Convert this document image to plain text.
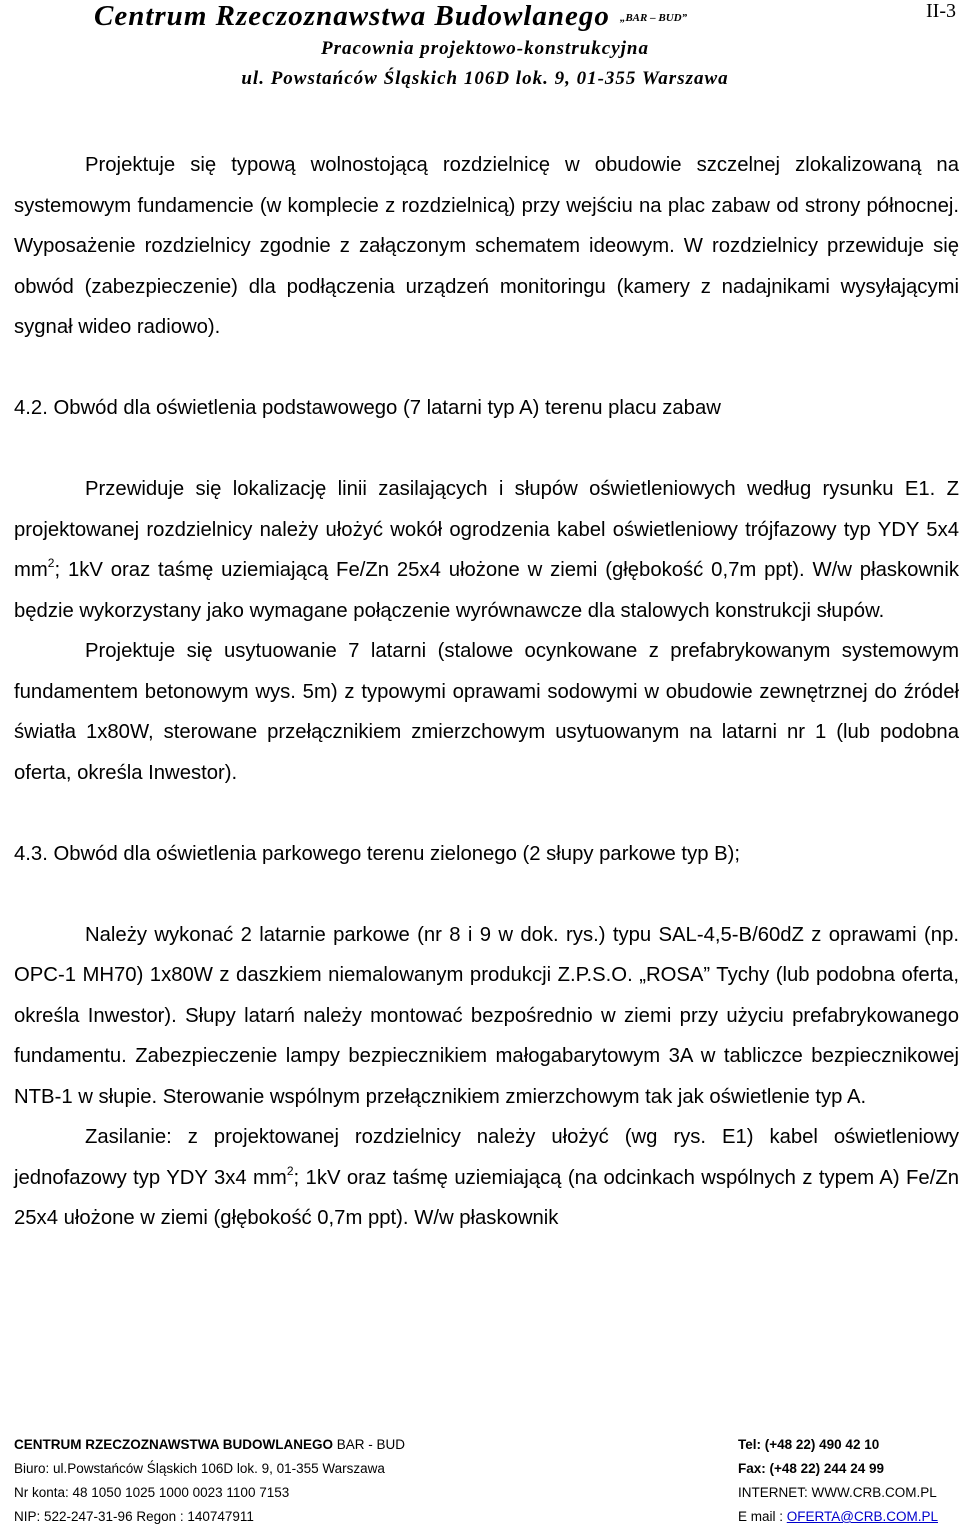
Centrum Rzeczoznawstwa Budowlanego „BAR – BUD”	II-3
Pracownia projektowo-konstrukcyjna
ul. Powstańców Śląskich 106D lok. 9, 01-355 Warszawa

Projektuje się typową wolnostojącą rozdzielnicę w obudowie szczelnej zlokalizowaną na systemowym fundamencie (w komplecie z rozdzielnicą) przy wejściu na plac zabaw od strony północnej. Wyposażenie rozdzielnicy zgodnie z załączonym schematem ideowym. W rozdzielnicy przewiduje się obwód (zabezpieczenie) dla podłączenia urządzeń monitoringu (kamery z nadajnikami wysyłającymi sygnał wideo radiowo).

4.2. Obwód dla oświetlenia podstawowego (7 latarni typ A) terenu placu zabaw

Przewiduje się lokalizację linii zasilających i słupów oświetleniowych według rysunku E1. Z projektowanej rozdzielnicy należy ułożyć wokół ogrodzenia kabel oświetleniowy trójfazowy typ YDY 5x4 $mm^2$; 1kV oraz taśmę uziemiającą Fe/Zn 25x4 ułożone w ziemi (głębokość 0,7m ppt). W/w płaskownik będzie wykorzystany jako wymagane połączenie wyrównawcze dla stalowych konstrukcji słupów.

Projektuje się usytuowanie 7 latarni (stalowe ocynkowane z prefabrykowanym systemowym fundamentem betonowym wys. 5m) z typowymi oprawami sodowymi w obudowie zewnętrznej do źródeł światła 1x80W, sterowane przełącznikiem zmierzchowym usytuowanym na latarni nr 1 (lub podobna oferta, określa Inwestor).

4.3. Obwód dla oświetlenia parkowego terenu zielonego (2 słupy parkowe typ B);

Należy wykonać 2 latarnie parkowe (nr 8 i 9 w dok. rys.) typu SAL-4,5-B/60dZ z oprawami (np. OPC-1 MH70) 1x80W z daszkiem niemalowanym produkcji Z.P.S.O. „ROSA” Tychy (lub podobna oferta, określa Inwestor). Słupy latarń należy montować bezpośrednio w ziemi przy użyciu prefabrykowanego fundamentu. Zabezpieczenie lampy bezpiecznikiem małogabarytowym 3A w tabliczce bezpiecznikowej NTB-1 w słupie. Sterowanie wspólnym przełącznikiem zmierzchowym tak jak oświetlenie typ A.

Zasilanie: z projektowanej rozdzielnicy należy ułożyć (wg rys. E1) kabel oświetleniowy jednofazowy typ YDY 3x4 $mm^2$; 1kV oraz taśmę uziemiającą (na odcinkach wspólnych z typem A) Fe/Zn 25x4 ułożone w ziemi (głębokość 0,7m ppt). W/w płaskownik

CENTRUM RZECZOZNAWSTWA BUDOWLANEGO BAR - BUD	Tel: (+48 22) 490 42 10
Biuro: ul.Powstańców Śląskich 106D lok. 9, 01-355 Warszawa	Fax: (+48 22) 244 24 99
Nr konta: 48 1050 1025 1000 0023 1100 7153	INTERNET: WWW.CRB.COM.PL
NIP: 522-247-31-96 Regon : 140747911	E mail : OFERTA@CRB.COM.PL
